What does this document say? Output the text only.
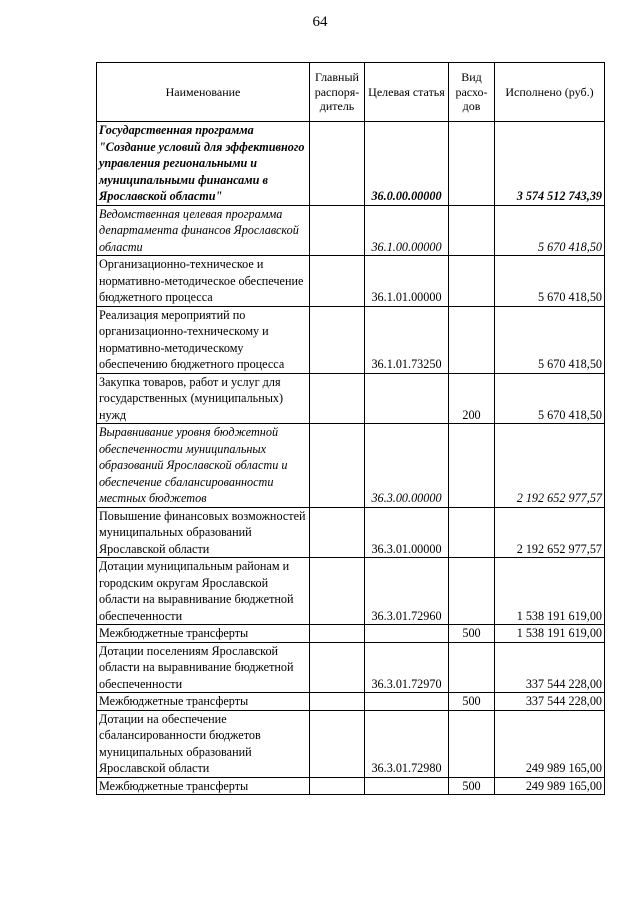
64
Наименование	Главный распоря-дитель	Целевая статья	Вид расхо-дов	Исполнено (руб.)
Государственная программа "Создание условий для эффективного управления региональными и муниципальными финансами в Ярославской области"		36.0.00.00000		3 574 512 743,39
Ведомственная целевая программа департамента финансов Ярославской области		36.1.00.00000		5 670 418,50
Организационно-техническое и нормативно-методическое обеспечение бюджетного процесса		36.1.01.00000		5 670 418,50
Реализация мероприятий по организационно-техническому и нормативно-методическому обеспечению бюджетного процесса		36.1.01.73250		5 670 418,50
Закупка товаров, работ и услуг для государственных (муниципальных) нужд			200	5 670 418,50
Выравнивание уровня бюджетной обеспеченности муниципальных образований Ярославской области и обеспечение сбалансированности местных бюджетов		36.3.00.00000		2 192 652 977,57
Повышение финансовых возможностей муниципальных образований Ярославской области		36.3.01.00000		2 192 652 977,57
Дотации муниципальным районам и городским округам Ярославской области на выравнивание бюджетной обеспеченности		36.3.01.72960		1 538 191 619,00
Межбюджетные трансферты			500	1 538 191 619,00
Дотации поселениям Ярославской области на выравнивание бюджетной обеспеченности		36.3.01.72970		337 544 228,00
Межбюджетные трансферты			500	337 544 228,00
Дотации на обеспечение сбалансированности бюджетов муниципальных образований Ярославской области		36.3.01.72980		249 989 165,00
Межбюджетные трансферты			500	249 989 165,00
